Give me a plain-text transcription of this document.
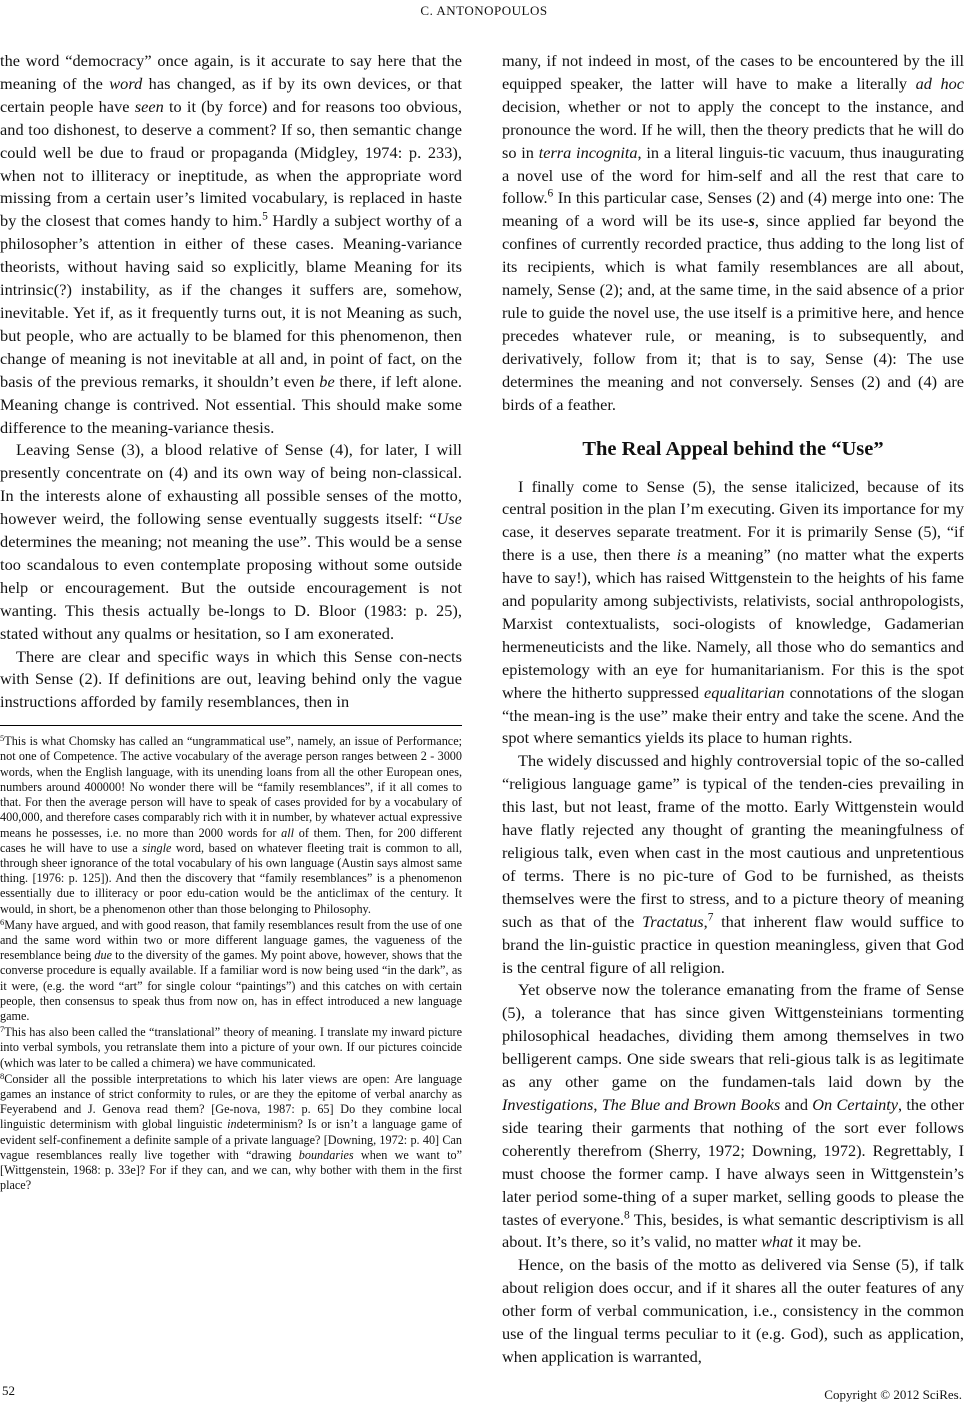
C. ANTONOPOULOS

the word “democracy” once again, is it accurate to say here that the meaning of the word has changed, as if by its own devices, or that certain people have seen to it (by force) and for reasons too obvious, and too dishonest, to deserve a comment? If so, then semantic change could well be due to fraud or propaganda (Midgley, 1974: p. 233), when not to illiteracy or ineptitude, as when the appropriate word missing from a certain user’s limited vocabulary, is replaced in haste by the closest that comes handy to him.$^5$ Hardly a subject worthy of a philosopher’s attention in either of these cases. Meaning-variance theorists, without having said so explicitly, blame Meaning for its intrinsic(?) instability, as if the changes it suffers are, somehow, inevitable. Yet if, as it frequently turns out, it is not Meaning as such, but people, who are actually to be blamed for this phenomenon, then change of meaning is not inevitable at all and, in point of fact, on the basis of the previous remarks, it shouldn’t even be there, if left alone. Meaning change is contrived. Not essential. This should make some difference to the meaning-variance thesis.

Leaving Sense (3), a blood relative of Sense (4), for later, I will presently concentrate on (4) and its own way of being non-classical. In the interests alone of exhausting all possible senses of the motto, however weird, the following sense eventually suggests itself: “Use determines the meaning; not meaning the use”. This would be a sense too scandalous to even contemplate proposing without some outside help or encouragement. But the outside encouragement is not wanting. This thesis actually be-longs to D. Bloor (1983: p. 25), stated without any qualms or hesitation, so I am exonerated.

There are clear and specific ways in which this Sense con-nects with Sense (2). If definitions are out, leaving behind only the vague instructions afforded by family resemblances, then in

$^5$This is what Chomsky has called an “ungrammatical use”, namely, an issue of Performance; not one of Competence. The active vocabulary of the average person ranges between 2 - 3000 words, when the English language, with its unending loans from all the other European ones, numbers around 400000! No wonder there will be “family resemblances”, if it all comes to that. For then the average person will have to speak of cases provided for by a vocabulary of 400,000, and therefore cases comparably rich with it in number, by whatever actual expressive means he possesses, i.e. no more than 2000 words for all of them. Then, for 200 different cases he will have to use a single word, based on whatever fleeting trait is common to all, through sheer ignorance of the total vocabulary of his own language (Austin says almost same thing. [1976: p. 125]). And then the discovery that “family resemblances” is a phenomenon essentially due to illiteracy or poor edu-cation would be the anticlimax of the century. It would, in short, be a phenomenon other than those belonging to Philosophy.

$^6$Many have argued, and with good reason, that family resemblances result from the use of one and the same word within two or more different language games, the vagueness of the resemblance being due to the diversity of the games. My point above, however, shows that the converse procedure is equally available. If a familiar word is now being used “in the dark”, as it were, (e.g. the word “art” for single colour “paintings”) and this catches on with certain people, then consensus to speak thus from now on, has in effect introduced a new language game.

$^7$This has also been called the “translational” theory of meaning. I translate my inward picture into verbal symbols, you retranslate them into a picture of your own. If our pictures coincide (which was later to be called a chimera) we have communicated.

$^8$Consider all the possible interpretations to which his later views are open: Are language games an instance of strict conformity to rules, or are they the epitome of verbal anarchy as Feyerabend and J. Genova read them? [Ge-nova, 1987: p. 65] Do they combine local linguistic determinism with global linguistic indeterminism? Is or isn’t a language game of evident self-confinement a definite sample of a private language? [Downing, 1972: p. 40] Can vague resemblances really live together with “drawing boundaries when we want to” [Wittgenstein, 1968: p. 33e]? For if they can, and we can, why bother with them in the first place?

many, if not indeed in most, of the cases to be encountered by the ill equipped speaker, the latter will have to make a literally ad hoc decision, whether or not to apply the concept to the instance, and pronounce the word. If he will, then the theory predicts that he will do so in terra incognita, in a literal linguis-tic vacuum, thus inaugurating a novel use of the word for him-self and all the rest that care to follow.$^6$ In this particular case, Senses (2) and (4) merge into one: The meaning of a word will be its use-s, since applied far beyond the confines of currently recorded practice, thus adding to the long list of its recipients, which is what family resemblances are all about, namely, Sense (2); and, at the same time, in the said absence of a prior rule to guide the novel use, the use itself is a primitive here, and hence precedes whatever rule, or meaning, is to subsequently, and derivatively, follow from it; that is to say, Sense (4): The use determines the meaning and not conversely. Senses (2) and (4) are birds of a feather.

The Real Appeal behind the “Use”

I finally come to Sense (5), the sense italicized, because of its central position in the plan I’m executing. Given its importance for my case, it deserves separate treatment. For it is primarily Sense (5), “if there is a use, then there is a meaning” (no matter what the experts have to say!), which has raised Wittgenstein to the heights of his fame and popularity among subjectivists, relativists, social anthropologists, Marxist contextualists, soci-ologists of knowledge, Gadamerian hermeneuticists and the like. Namely, all those who do semantics and epistemology with an eye for humanitarianism. For this is the spot where the hitherto suppressed equalitarian connotations of the slogan “the mean-ing is the use” make their entry and take the scene. And the spot where semantics yields its place to human rights.

The widely discussed and highly controversial topic of the so-called “religious language game” is typical of the tenden-cies prevailing in this last, but not least, frame of the motto. Early Wittgenstein would have flatly rejected any thought of granting the meaningfulness of religious talk, even when cast in the most cautious and unpretentious of terms. There is no pic-ture of God to be furnished, as theists themselves were the first to stress, and to a picture theory of meaning such as that of the Tractatus,$^7$ that inherent flaw would suffice to brand the lin-guistic practice in question meaningless, given that God is the central figure of all religion.

Yet observe now the tolerance emanating from the frame of Sense (5), a tolerance that has since given Wittgensteinians tormenting philosophical headaches, dividing them among themselves in two belligerent camps. One side swears that reli-gious talk is as legitimate as any other game on the fundamen-tals laid down by the Investigations, The Blue and Brown Books and On Certainty, the other side tearing their garments that nothing of the sort ever follows coherently therefrom (Sherry, 1972; Downing, 1972). Regrettably, I must choose the former camp. I have always seen in Wittgenstein’s later period some-thing of a super market, selling goods to please the tastes of everyone.$^8$ This, besides, is what semantic descriptivism is all about. It’s there, so it’s valid, no matter what it may be.

Hence, on the basis of the motto as delivered via Sense (5), if talk about religion does occur, and if it shares all the outer features of any other form of verbal communication, i.e., consistency in the common use of the lingual terms peculiar to it (e.g. God), such as application, when application is warranted,

52	Copyright © 2012 SciRes.
